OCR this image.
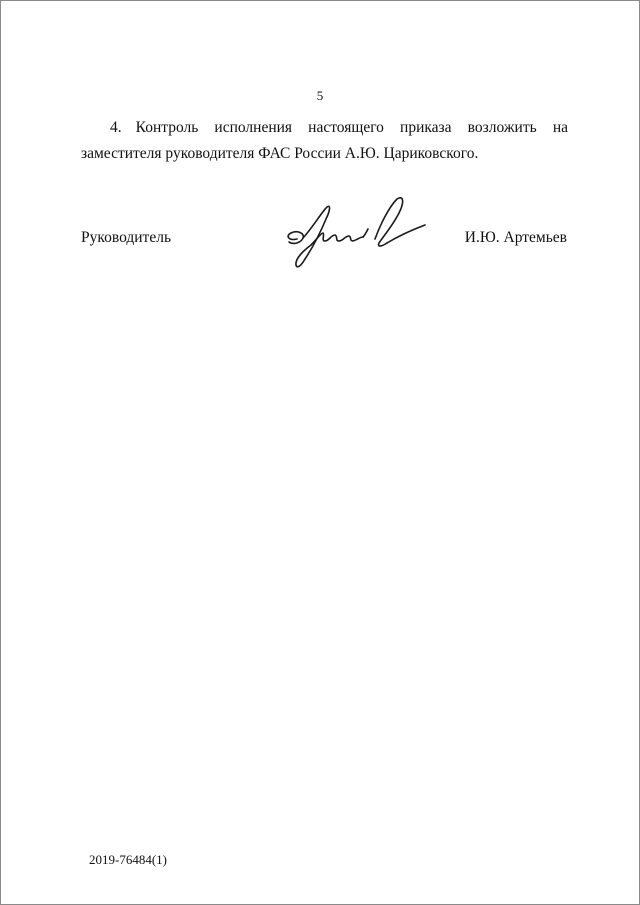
5

4. Контроль исполнения настоящего приказа возложить на заместителя руководителя ФАС России А.Ю. Цариковского.

Руководитель	И.Ю. Артемьев
2019-76484(1)
